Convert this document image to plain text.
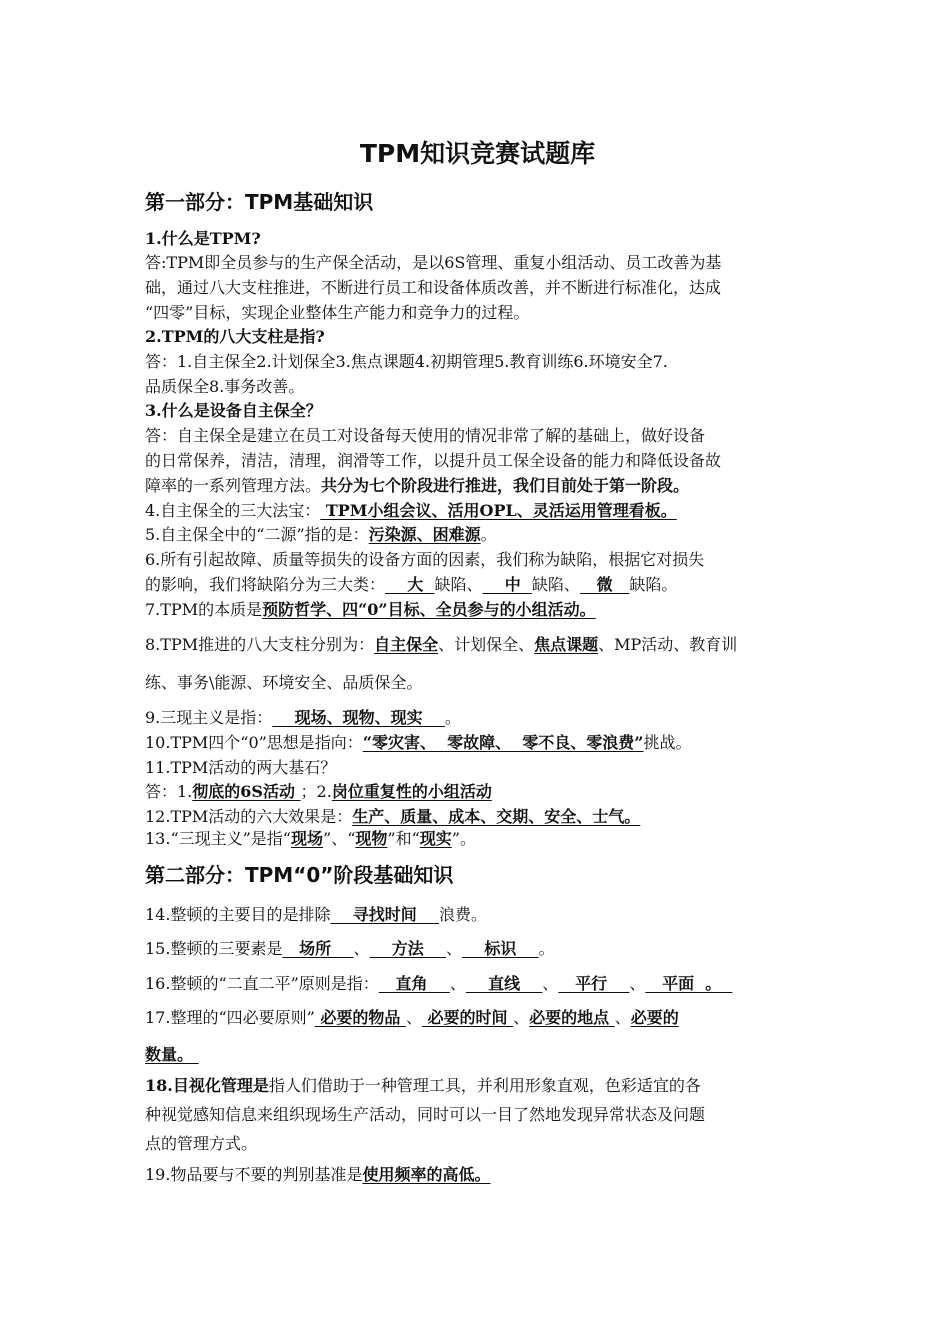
TPM知识竞赛试题库
第一部分：TPM基础知识
1.什么是TPM?
答:TPM即全员参与的生产保全活动，是以6S管理、重复小组活动、员工改善为基
础，通过八大支柱推进，不断进行员工和设备体质改善，并不断进行标准化，达成
“四零”目标，实现企业整体生产能力和竞争力的过程。
2.TPM的八大支柱是指?
答：1.自主保全2.计划保全3.焦点课题4.初期管理5.教育训练6.环境安全7.
品质保全8.事务改善。
3.什么是设备自主保全？
答：自主保全是建立在员工对设备每天使用的情况非常了解的基础上，做好设备
的日常保养，清洁，清理，润滑等工作，以提升员工保全设备的能力和降低设备故
障率的一系列管理方法。共分为七个阶段进行推进，我们目前处于第一阶段。
4.自主保全的三大法宝： TPM小组会议、活用OPL、灵活运用管理看板。
5.自主保全中的“二源”指的是：污染源、困难源。
6.所有引起故障、质量等损失的设备方面的因素，我们称为缺陷，根据它对损失
的影响，我们将缺陷分为三大类：    大  缺陷、    中  缺陷、   微   缺陷。
7.TPM的本质是预防哲学、四“0”目标、全员参与的小组活动。
8.TPM推进的八大支柱分别为：自主保全、计划保全、焦点课题、MP活动、教育训
练、事务\能源、环境安全、品质保全。
9.三现主义是指：    现场、现物、现实    。
10.TPM四个“0”思想是指向：“零灾害、  零故障、  零不良、零浪费”挑战。
11.TPM活动的两大基石？
答：1.彻底的6S活动 ；2.岗位重复性的小组活动
12.TPM活动的六大效果是：生产、质量、成本、交期、安全、士气。
13.“三现主义”是指“现场”、“现物”和“现实”。
第二部分：TPM“0”阶段基础知识
14.整顿的主要目的是排除    寻找时间    浪费。
15.整顿的三要素是   场所    、    方法    、    标识    。
16.整顿的“二直二平”原则是指：   直角    、    直线    、   平行    、   平面  。
17.整理的“四必要原则” 必要的物品 、 必要的时间 、必要的地点 、必要的
数量。
18.目视化管理是指人们借助于一种管理工具，并利用形象直观，色彩适宜的各
种视觉感知信息来组织现场生产活动，同时可以一目了然地发现异常状态及问题
点的管理方式。
19.物品要与不要的判别基准是使用频率的高低。
